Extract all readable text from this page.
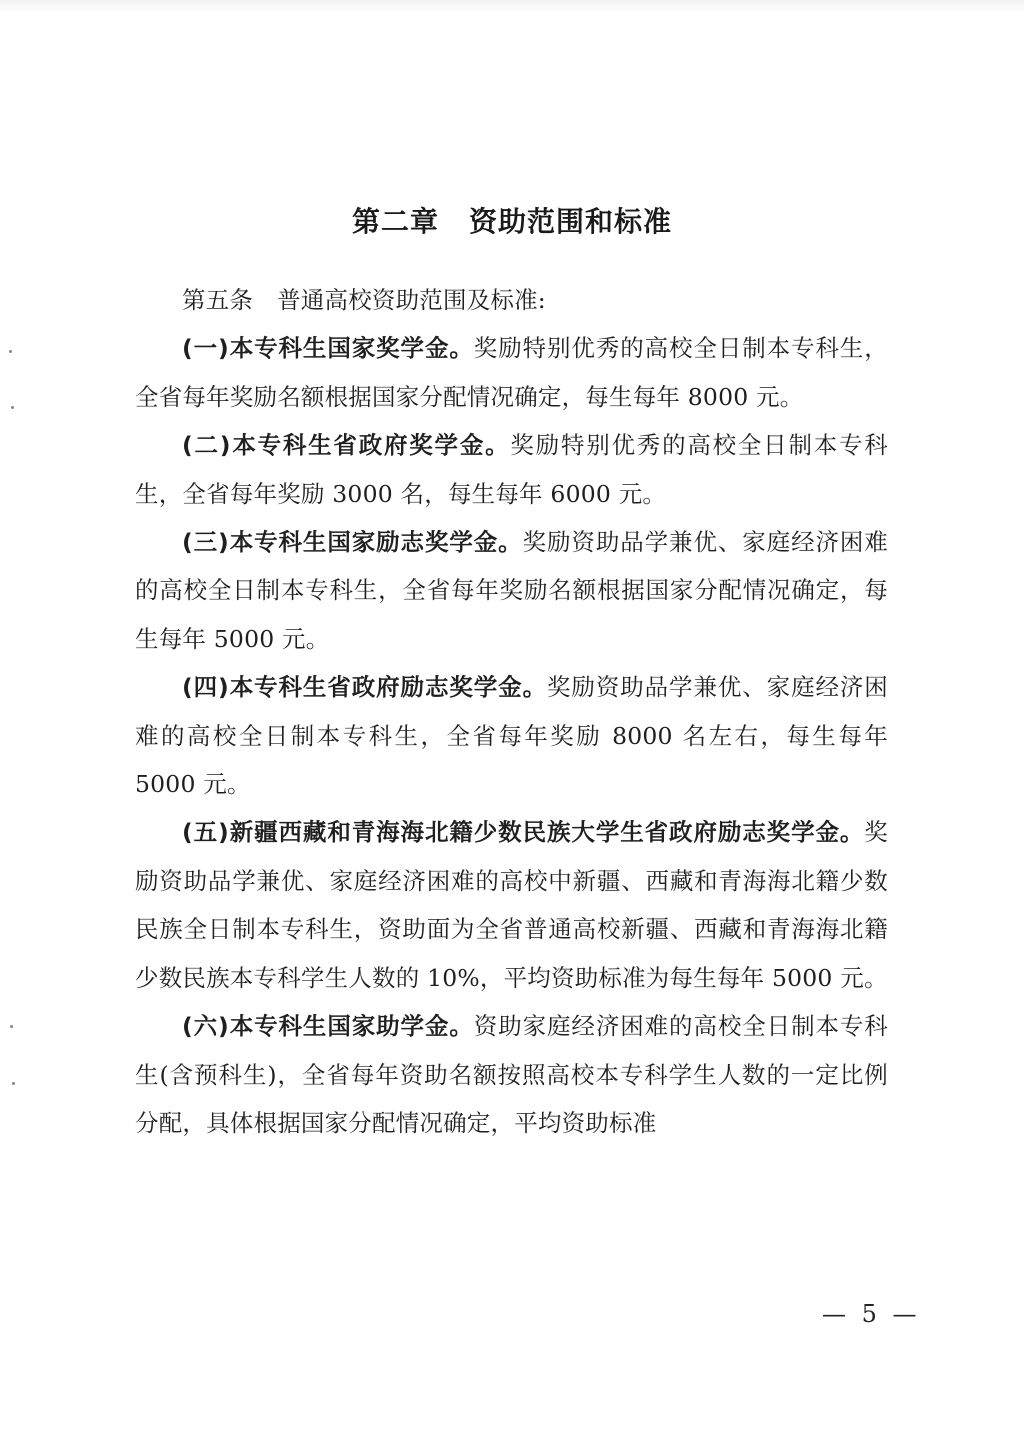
第二章 资助范围和标准

第五条 普通高校资助范围及标准:

(一)本专科生国家奖学金。奖励特别优秀的高校全日制本专科生，全省每年奖励名额根据国家分配情况确定，每生每年 8000 元。

(二)本专科生省政府奖学金。奖励特别优秀的高校全日制本专科生，全省每年奖励 3000 名，每生每年 6000 元。

(三)本专科生国家励志奖学金。奖励资助品学兼优、家庭经济困难的高校全日制本专科生，全省每年奖励名额根据国家分配情况确定，每生每年 5000 元。

(四)本专科生省政府励志奖学金。奖励资助品学兼优、家庭经济困难的高校全日制本专科生，全省每年奖励 8000 名左右，每生每年 5000 元。

(五)新疆西藏和青海海北籍少数民族大学生省政府励志奖学金。奖励资助品学兼优、家庭经济困难的高校中新疆、西藏和青海海北籍少数民族全日制本专科生，资助面为全省普通高校新疆、西藏和青海海北籍少数民族本专科学生人数的 10%，平均资助标准为每生每年 5000 元。

(六)本专科生国家助学金。资助家庭经济困难的高校全日制本专科生(含预科生)，全省每年资助名额按照高校本专科学生人数的一定比例分配，具体根据国家分配情况确定，平均资助标准

— 5 —
